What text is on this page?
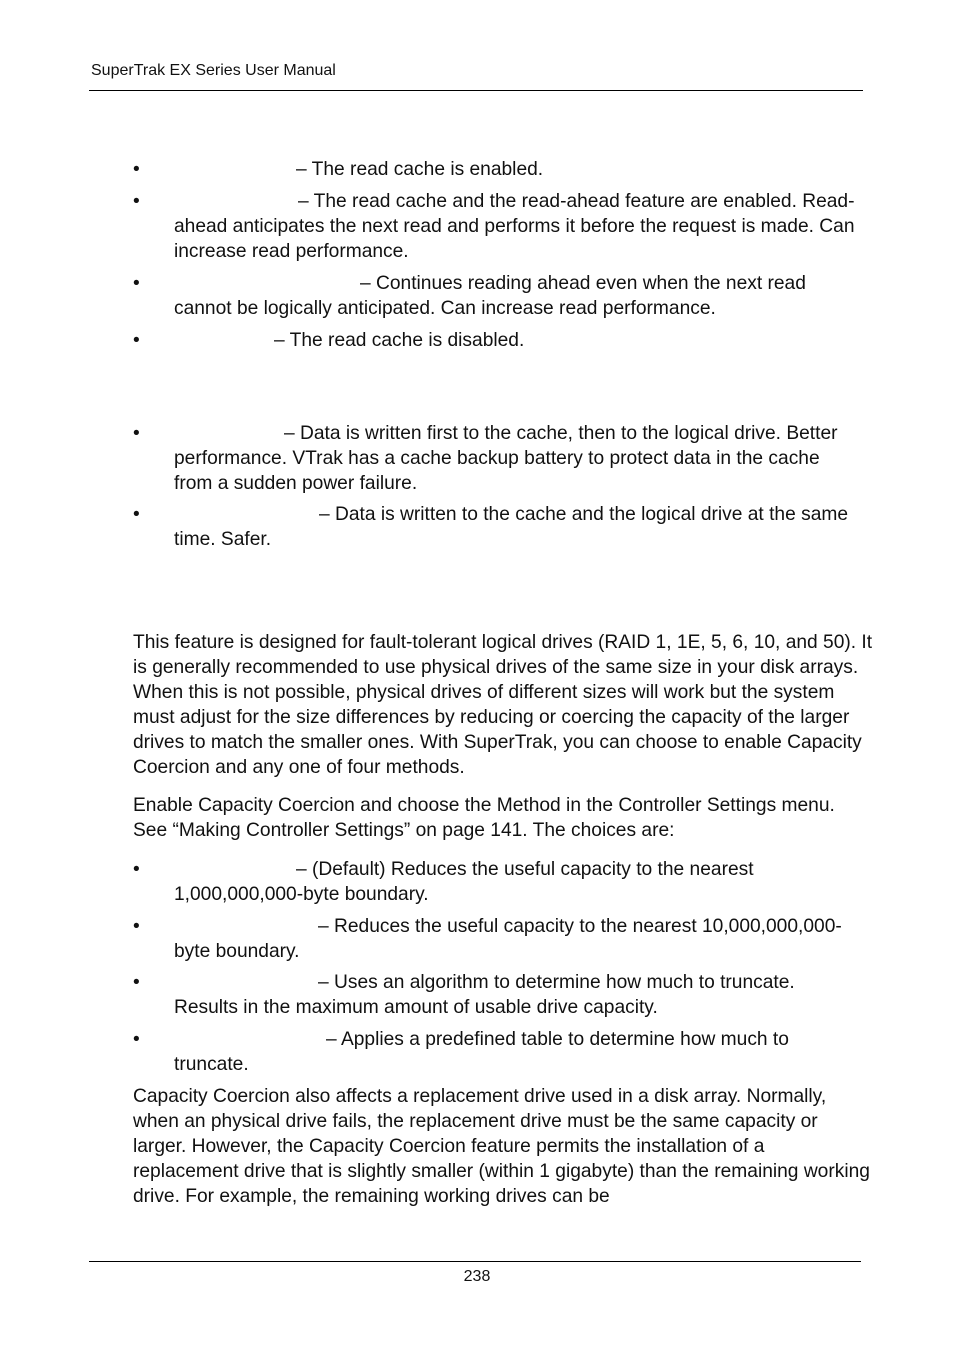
SuperTrak EX Series User Manual
•	– The read cache is enabled.
•	– The read cache and the read-ahead feature are enabled. Read-ahead anticipates the next read and performs it before the request is made. Can increase read performance.
•	– Continues reading ahead even when the next read cannot be logically anticipated. Can increase read performance.
•	– The read cache is disabled.
•	– Data is written first to the cache, then to the logical drive. Better performance. VTrak has a cache backup battery to protect data in the cache from a sudden power failure.
•	– Data is written to the cache and the logical drive at the same time. Safer.
This feature is designed for fault-tolerant logical drives (RAID 1, 1E, 5, 6, 10, and 50). It is generally recommended to use physical drives of the same size in your disk arrays. When this is not possible, physical drives of different sizes will work but the system must adjust for the size differences by reducing or coercing the capacity of the larger drives to match the smaller ones. With SuperTrak, you can choose to enable Capacity Coercion and any one of four methods.
Enable Capacity Coercion and choose the Method in the Controller Settings menu. See “Making Controller Settings” on page 141. The choices are:
•	– (Default) Reduces the useful capacity to the nearest 1,000,000,000-byte boundary.
•	– Reduces the useful capacity to the nearest 10,000,000,000-byte boundary.
•	– Uses an algorithm to determine how much to truncate. Results in the maximum amount of usable drive capacity.
•	– Applies a predefined table to determine how much to truncate.
Capacity Coercion also affects a replacement drive used in a disk array. Normally, when an physical drive fails, the replacement drive must be the same capacity or larger. However, the Capacity Coercion feature permits the installation of a replacement drive that is slightly smaller (within 1 gigabyte) than the remaining working drive. For example, the remaining working drives can be
238
